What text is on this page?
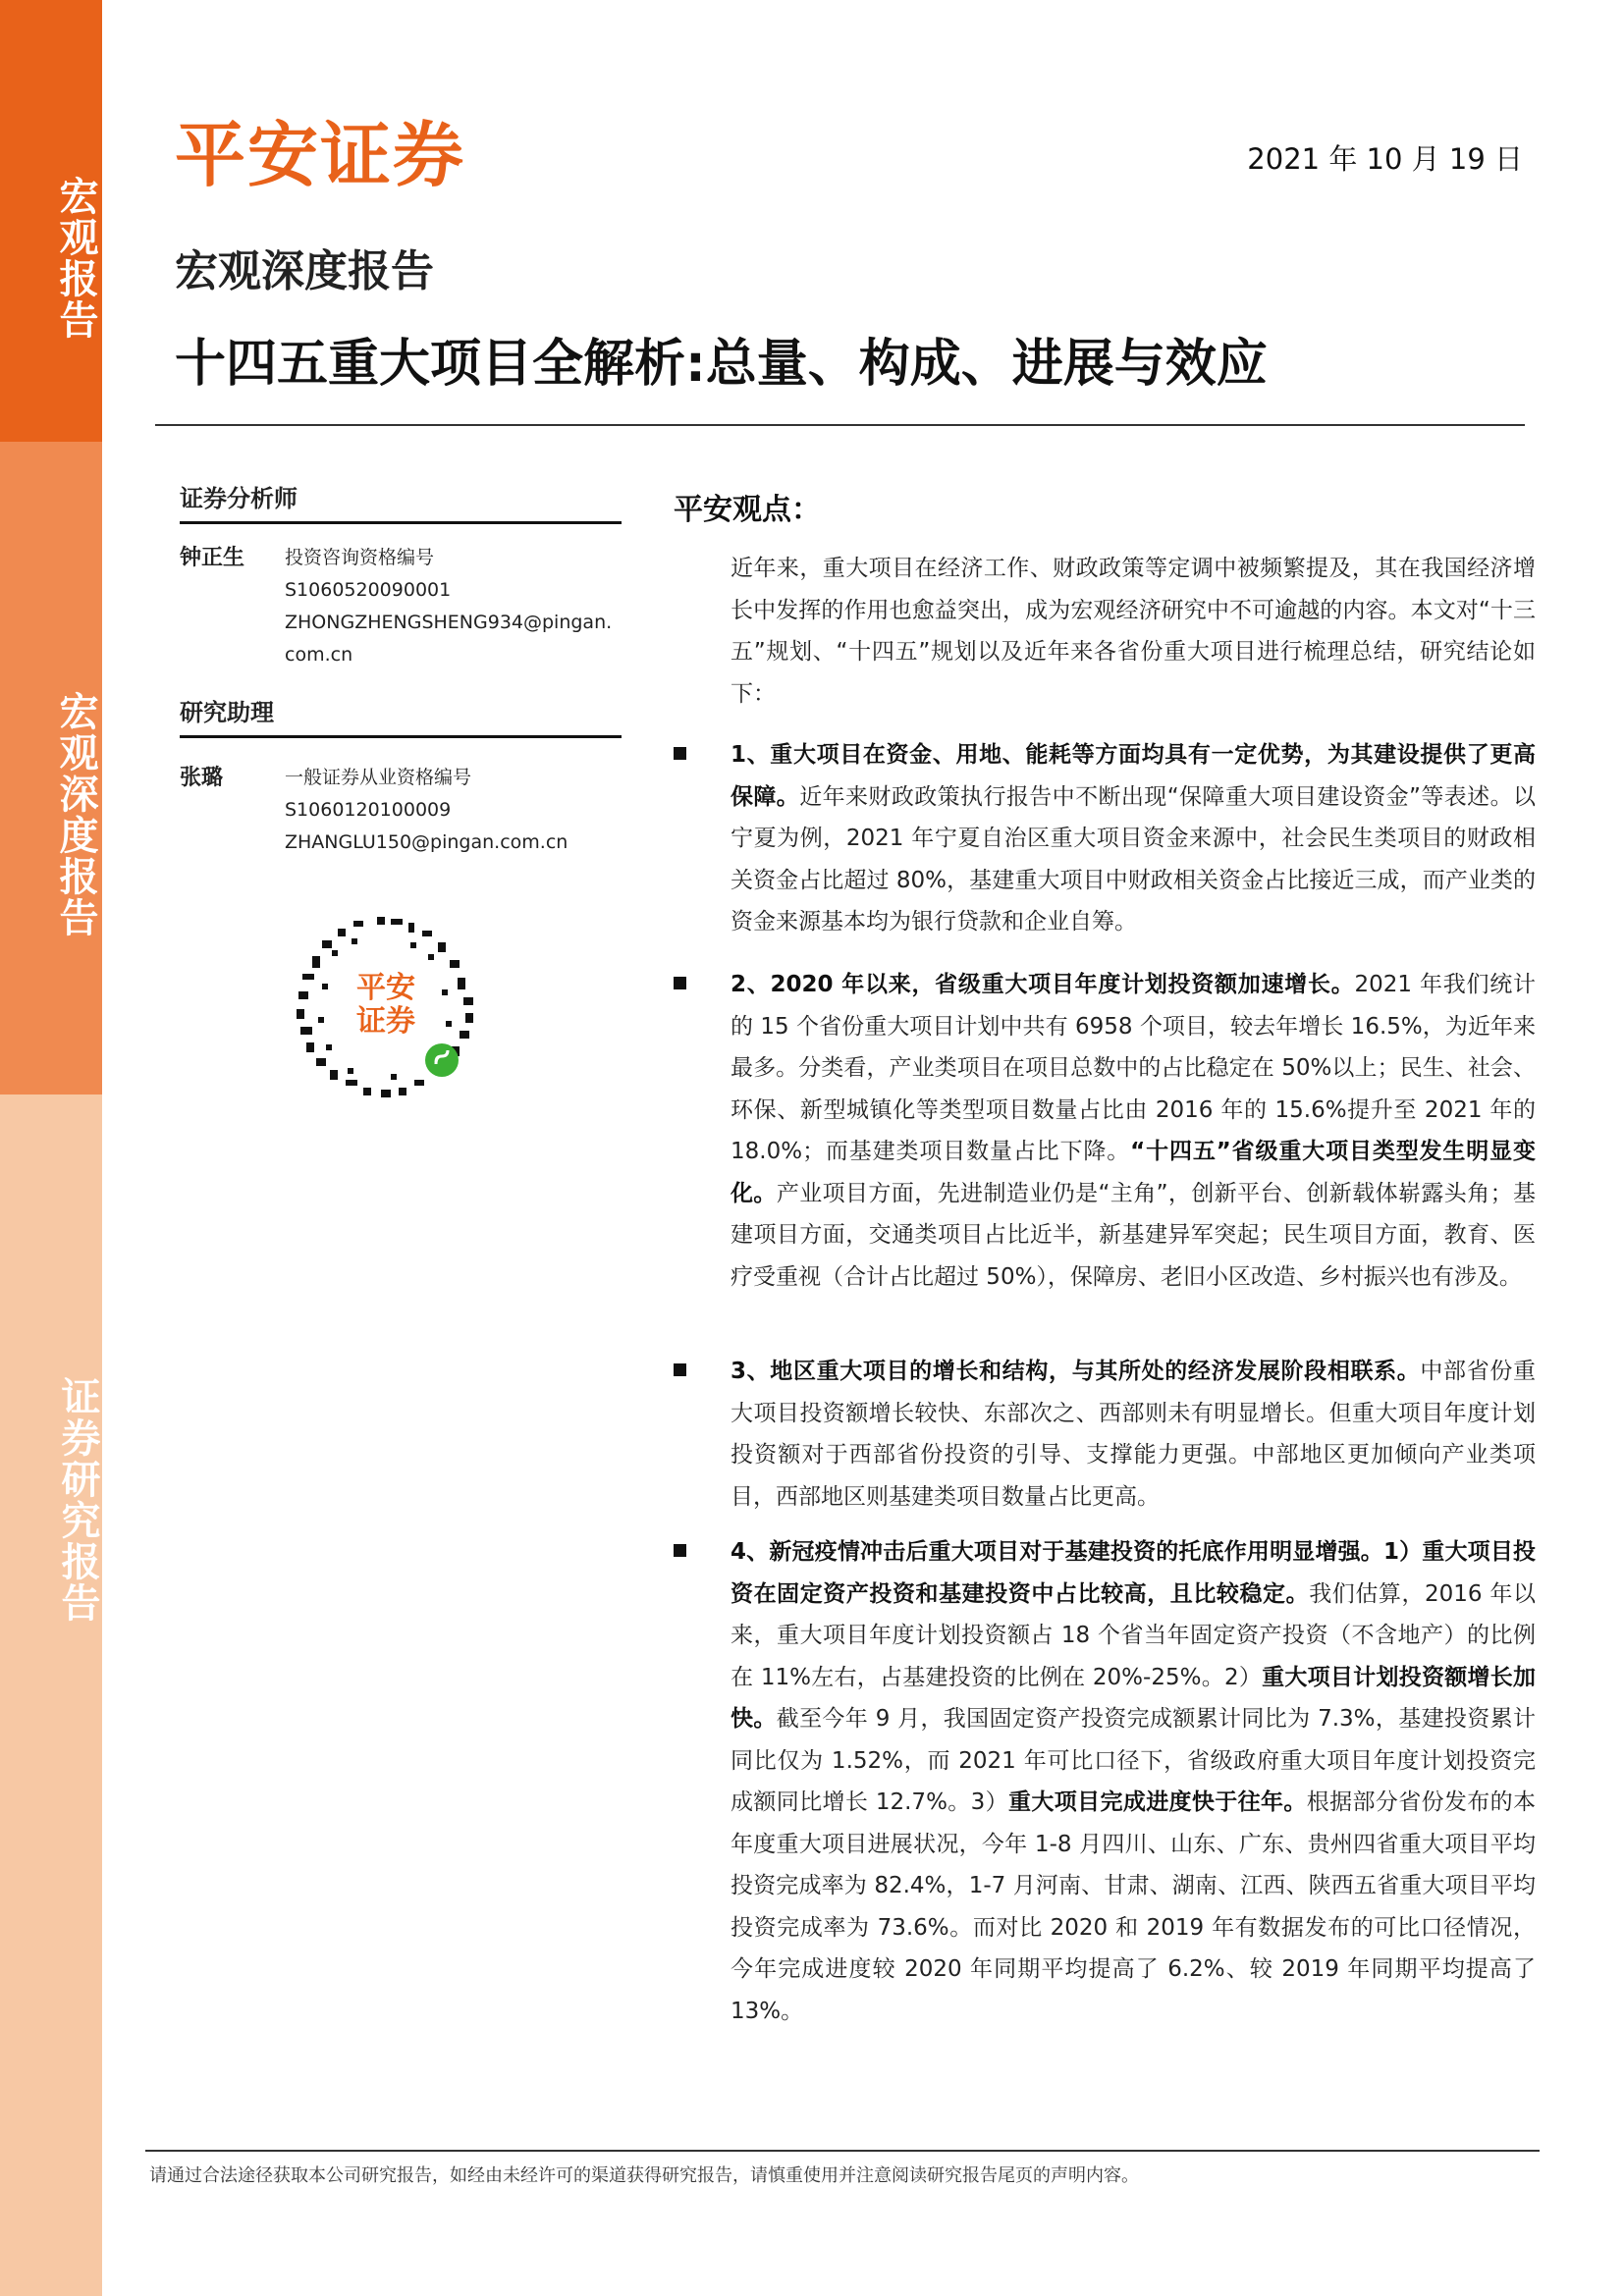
宏观报告
宏观深度报告
证券研究报告
平安证券	2021 年 10 月 19 日
宏观深度报告
十四五重大项目全解析:总量、构成、进展与效应
证券分析师
钟正生 投资咨询资格编号
S1060520090001
ZHONGZHENGSHENG934@pingan.com.cn
研究助理
张璐	一般证券从业资格编号
S1060120100009
ZHANGLU150@pingan.com.cn
平安
证券
平安观点：
近年来，重大项目在经济工作、财政政策等定调中被频繁提及，其在我国经济增长中发挥的作用也愈益突出，成为宏观经济研究中不可逾越的内容。本文对“十三五”规划、“十四五”规划以及近年来各省份重大项目进行梳理总结，研究结论如下：
1、重大项目在资金、用地、能耗等方面均具有一定优势，为其建设提供了更高保障。近年来财政政策执行报告中不断出现“保障重大项目建设资金”等表述。以宁夏为例，2021 年宁夏自治区重大项目资金来源中，社会民生类项目的财政相关资金占比超过 80%，基建重大项目中财政相关资金占比接近三成，而产业类的资金来源基本均为银行贷款和企业自筹。
2、2020 年以来，省级重大项目年度计划投资额加速增长。2021 年我们统计的 15 个省份重大项目计划中共有 6958 个项目，较去年增长 16.5%，为近年来最多。分类看，产业类项目在项目总数中的占比稳定在 50%以上；民生、社会、环保、新型城镇化等类型项目数量占比由 2016 年的 15.6%提升至 2021 年的 18.0%；而基建类项目数量占比下降。“十四五”省级重大项目类型发生明显变化。产业项目方面，先进制造业仍是“主角”，创新平台、创新载体崭露头角；基建项目方面，交通类项目占比近半，新基建异军突起；民生项目方面，教育、医疗受重视（合计占比超过 50%），保障房、老旧小区改造、乡村振兴也有涉及。
3、地区重大项目的增长和结构，与其所处的经济发展阶段相联系。中部省份重大项目投资额增长较快、东部次之、西部则未有明显增长。但重大项目年度计划投资额对于西部省份投资的引导、支撑能力更强。中部地区更加倾向产业类项目，西部地区则基建类项目数量占比更高。
4、新冠疫情冲击后重大项目对于基建投资的托底作用明显增强。1）重大项目投资在固定资产投资和基建投资中占比较高，且比较稳定。我们估算，2016 年以来，重大项目年度计划投资额占 18 个省当年固定资产投资（不含地产）的比例在 11%左右，占基建投资的比例在 20%-25%。2）重大项目计划投资额增长加快。截至今年 9 月，我国固定资产投资完成额累计同比为 7.3%，基建投资累计同比仅为 1.52%，而 2021 年可比口径下，省级政府重大项目年度计划投资完成额同比增长 12.7%。3）重大项目完成进度快于往年。根据部分省份发布的本年度重大项目进展状况，今年 1-8 月四川、山东、广东、贵州四省重大项目平均投资完成率为 82.4%，1-7 月河南、甘肃、湖南、江西、陕西五省重大项目平均投资完成率为 73.6%。而对比 2020 和 2019 年有数据发布的可比口径情况，今年完成进度较 2020 年同期平均提高了 6.2%、较 2019 年同期平均提高了 13%。
请通过合法途径获取本公司研究报告，如经由未经许可的渠道获得研究报告，请慎重使用并注意阅读研究报告尾页的声明内容。
